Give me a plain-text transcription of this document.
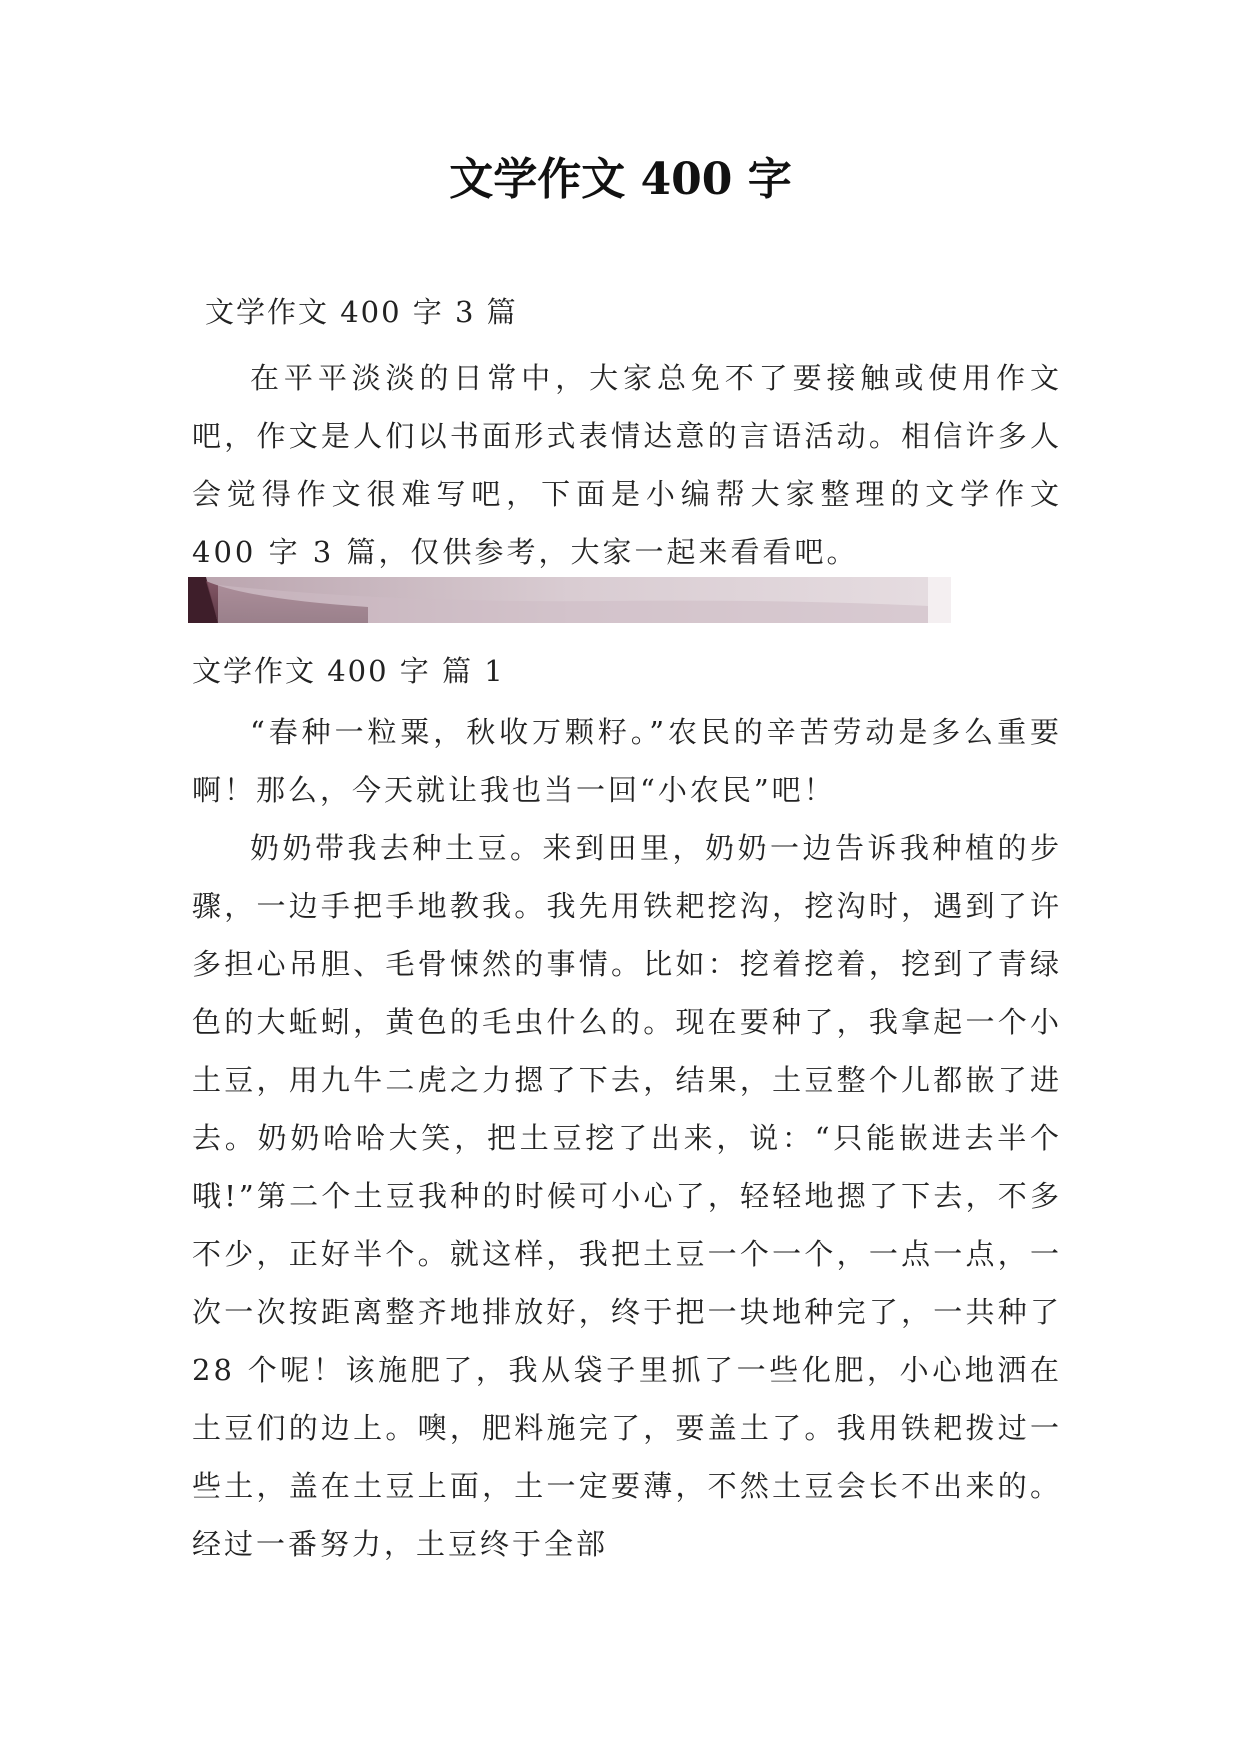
文学作文 400 字
文学作文 400 字 3 篇

在平平淡淡的日常中，大家总免不了要接触或使用作文吧，作文是人们以书面形式表情达意的言语活动。相信许多人会觉得作文很难写吧，下面是小编帮大家整理的文学作文 400 字 3 篇，仅供参考，大家一起来看看吧。

文学作文 400 字 篇 1

“春种一粒粟，秋收万颗籽。”农民的辛苦劳动是多么重要啊！那么，今天就让我也当一回“小农民”吧！

奶奶带我去种土豆。来到田里，奶奶一边告诉我种植的步骤，一边手把手地教我。我先用铁耙挖沟，挖沟时，遇到了许多担心吊胆、毛骨悚然的事情。比如：挖着挖着，挖到了青绿色的大蚯蚓，黄色的毛虫什么的。现在要种了，我拿起一个小土豆，用九牛二虎之力摁了下去，结果，土豆整个儿都嵌了进去。奶奶哈哈大笑，把土豆挖了出来，说：“只能嵌进去半个哦!”第二个土豆我种的时候可小心了，轻轻地摁了下去，不多不少，正好半个。就这样，我把土豆一个一个，一点一点，一次一次按距离整齐地排放好，终于把一块地种完了，一共种了 28 个呢！该施肥了，我从袋子里抓了一些化肥，小心地洒在土豆们的边上。噢，肥料施完了，要盖土了。我用铁耙拨过一些土，盖在土豆上面，土一定要薄，不然土豆会长不出来的。经过一番努力，土豆终于全部
